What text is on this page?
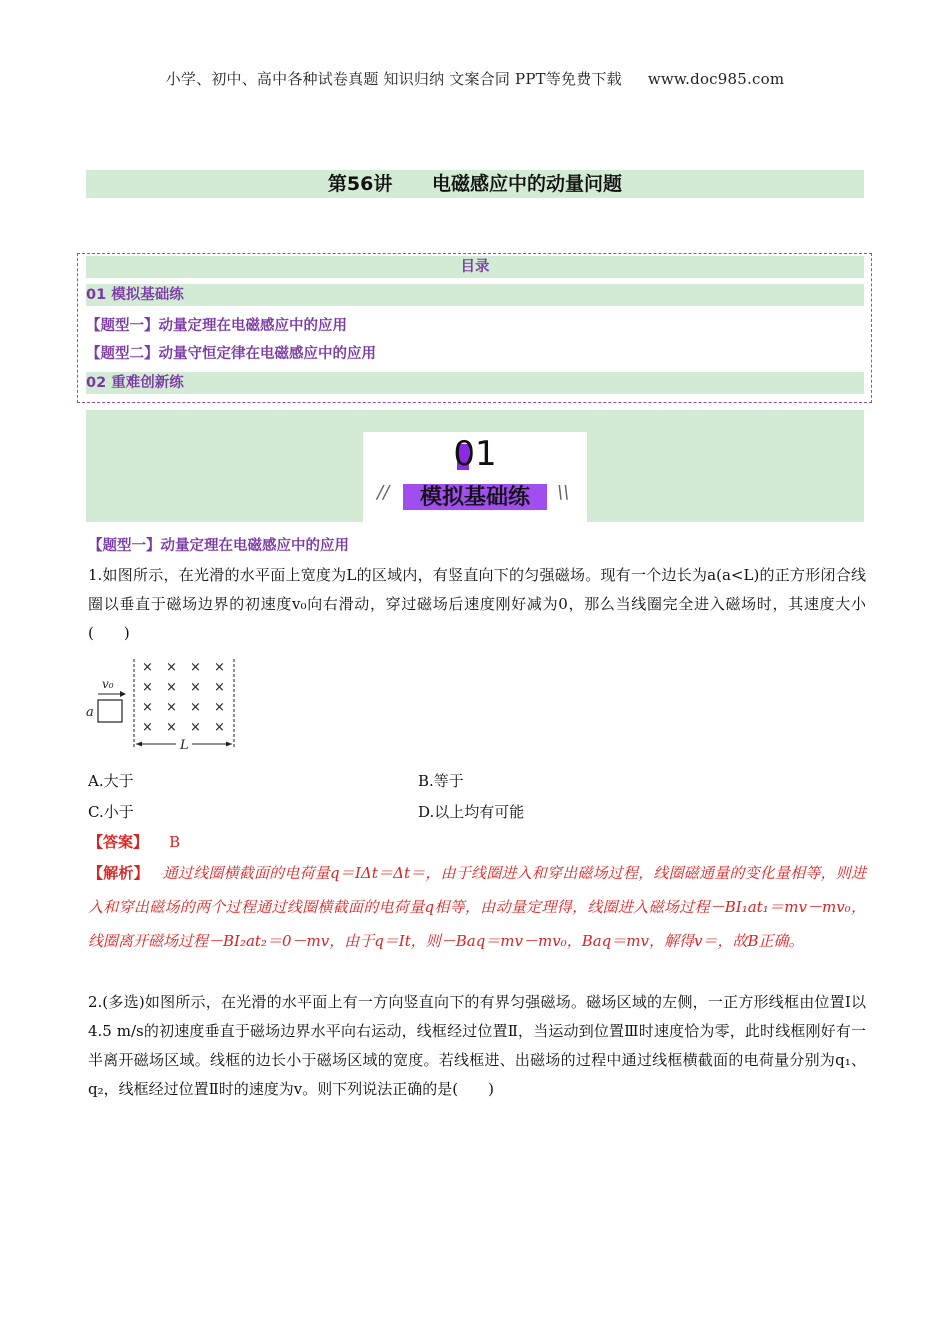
小学、初中、高中各种试卷真题 知识归纳 文案合同 PPT等免费下载 www.doc985.com
第56讲      电磁感应中的动量问题
目录
01 模拟基础练
【题型一】动量定理在电磁感应中的应用
【题型二】动量守恒定律在电磁感应中的应用
02 重难创新练
01
模拟基础练
//	\\
【题型一】动量定理在电磁感应中的应用
1.如图所示，在光滑的水平面上宽度为L的区域内，有竖直向下的匀强磁场。现有一个边长为a(a<L)的正方形闭合线圈以垂直于磁场边界的初速度v₀向右滑动，穿过磁场后速度刚好减为0，那么当线圈完全进入磁场时，其速度大小(　　)
× × × ×
× × × ×
× × × ×
× × × ×
v₀
a
L
A.大于	B.等于
C.小于	D.以上均有可能
【答案】 B
【解析】 通过线圈横截面的电荷量q＝IΔt＝Δt＝，由于线圈进入和穿出磁场过程，线圈磁通量的变化量相等，则进入和穿出磁场的两个过程通过线圈横截面的电荷量q相等，由动量定理得，线圈进入磁场过程－BI₁at₁＝mv－mv₀，线圈离开磁场过程－BI₂at₂＝0－mv，由于q＝It，则－Baq＝mv－mv₀，Baq＝mv，解得v＝，故B正确。
2.(多选)如图所示，在光滑的水平面上有一方向竖直向下的有界匀强磁场。磁场区域的左侧，一正方形线框由位置Ⅰ以4.5 m/s的初速度垂直于磁场边界水平向右运动，线框经过位置Ⅱ，当运动到位置Ⅲ时速度恰为零，此时线框刚好有一半离开磁场区域。线框的边长小于磁场区域的宽度。若线框进、出磁场的过程中通过线框横截面的电荷量分别为q₁、q₂，线框经过位置Ⅱ时的速度为v。则下列说法正确的是(　　)
